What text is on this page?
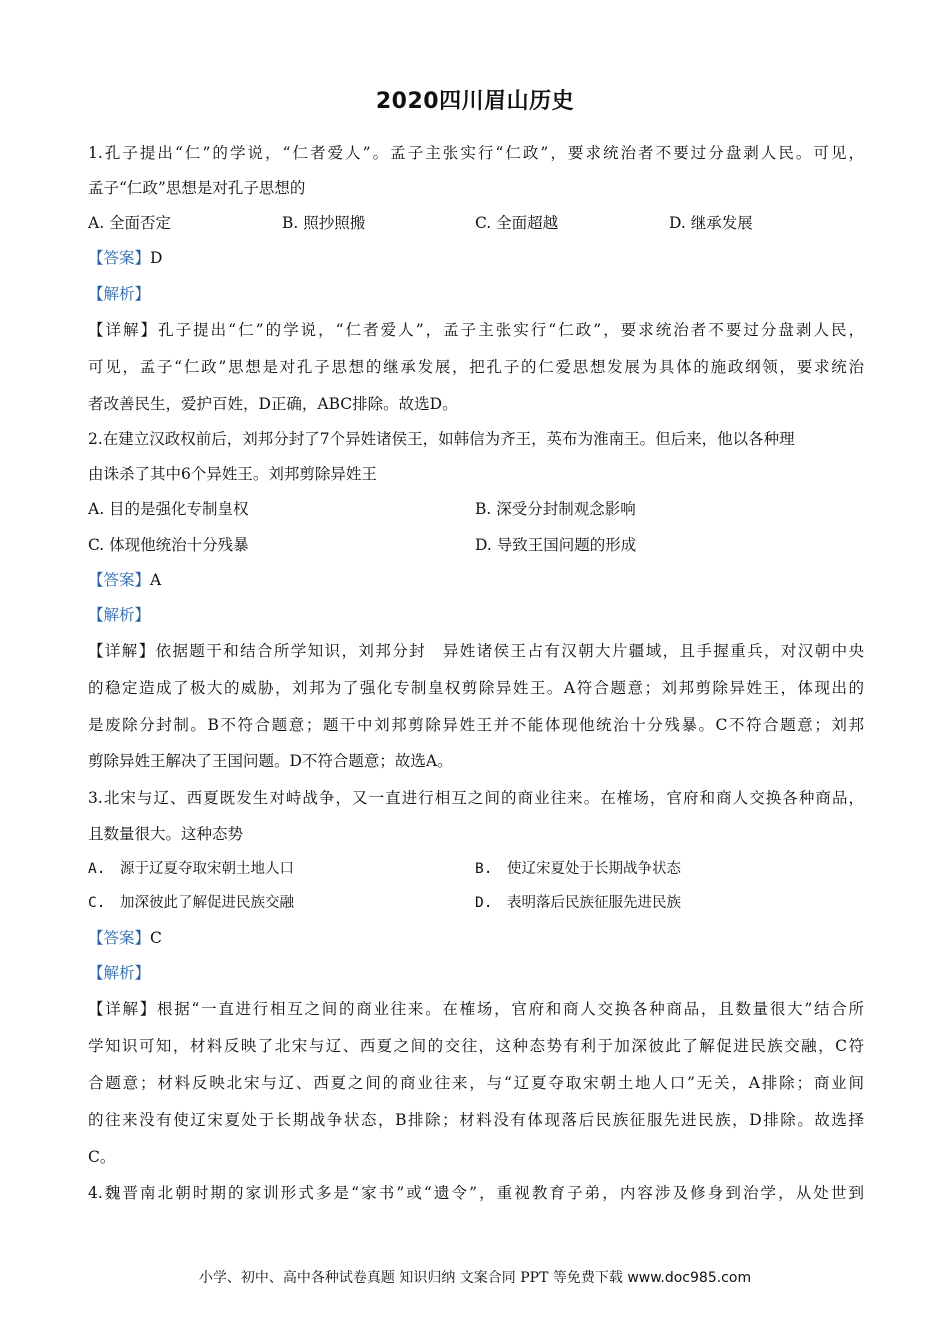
2020四川眉山历史
1.孔子提出“仁”的学说，“仁者爱人”。孟子主张实行“仁政”，要求统治者不要过分盘剥人民。可见，
孟子“仁政”思想是对孔子思想的
A. 全面否定	B. 照抄照搬	C. 全面超越	D. 继承发展
【答案】D
【解析】
【详解】孔子提出“仁”的学说，“仁者爱人”，孟子主张实行“仁政”，要求统治者不要过分盘剥人民，
可见，孟子“仁政”思想是对孔子思想的继承发展，把孔子的仁爱思想发展为具体的施政纲领，要求统治
者改善民生，爱护百姓，D正确，ABC排除。故选D。
2.在建立汉政权前后，刘邦分封了7个异姓诸侯王，如韩信为齐王，英布为淮南王。但后来，他以各种理
由诛杀了其中6个异姓王。刘邦剪除异姓王
A. 目的是强化专制皇权	B. 深受分封制观念影响
C. 体现他统治十分残暴	D. 导致王国问题的形成
【答案】A
【解析】
【详解】依据题干和结合所学知识，刘邦分封　异姓诸侯王占有汉朝大片疆域，且手握重兵，对汉朝中央
的稳定造成了极大的威胁，刘邦为了强化专制皇权剪除异姓王。A符合题意；刘邦剪除异姓王，体现出的
是废除分封制。B不符合题意；题干中刘邦剪除异姓王并不能体现他统治十分残暴。C不符合题意；刘邦
剪除异姓王解决了王国问题。D不符合题意；故选A。
3.北宋与辽、西夏既发生对峙战争，又一直进行相互之间的商业往来。在榷场，官府和商人交换各种商品，
且数量很大。这种态势
A.　源于辽夏夺取宋朝土地人口	B.　使辽宋夏处于长期战争状态
C.　加深彼此了解促进民族交融	D.　表明落后民族征服先进民族
【答案】C
【解析】
【详解】根据“一直进行相互之间的商业往来。在榷场，官府和商人交换各种商品，且数量很大”结合所
学知识可知，材料反映了北宋与辽、西夏之间的交往，这种态势有利于加深彼此了解促进民族交融，C符
合题意；材料反映北宋与辽、西夏之间的商业往来，与“辽夏夺取宋朝土地人口”无关，A排除；商业间
的往来没有使辽宋夏处于长期战争状态，B排除；材料没有体现落后民族征服先进民族，D排除。故选择
C。
4.魏晋南北朝时期的家训形式多是“家书”或“遗令”，重视教育子弟，内容涉及修身到治学，从处世到
小学、初中、高中各种试卷真题 知识归纳 文案合同 PPT 等免费下载 www.doc985.com
